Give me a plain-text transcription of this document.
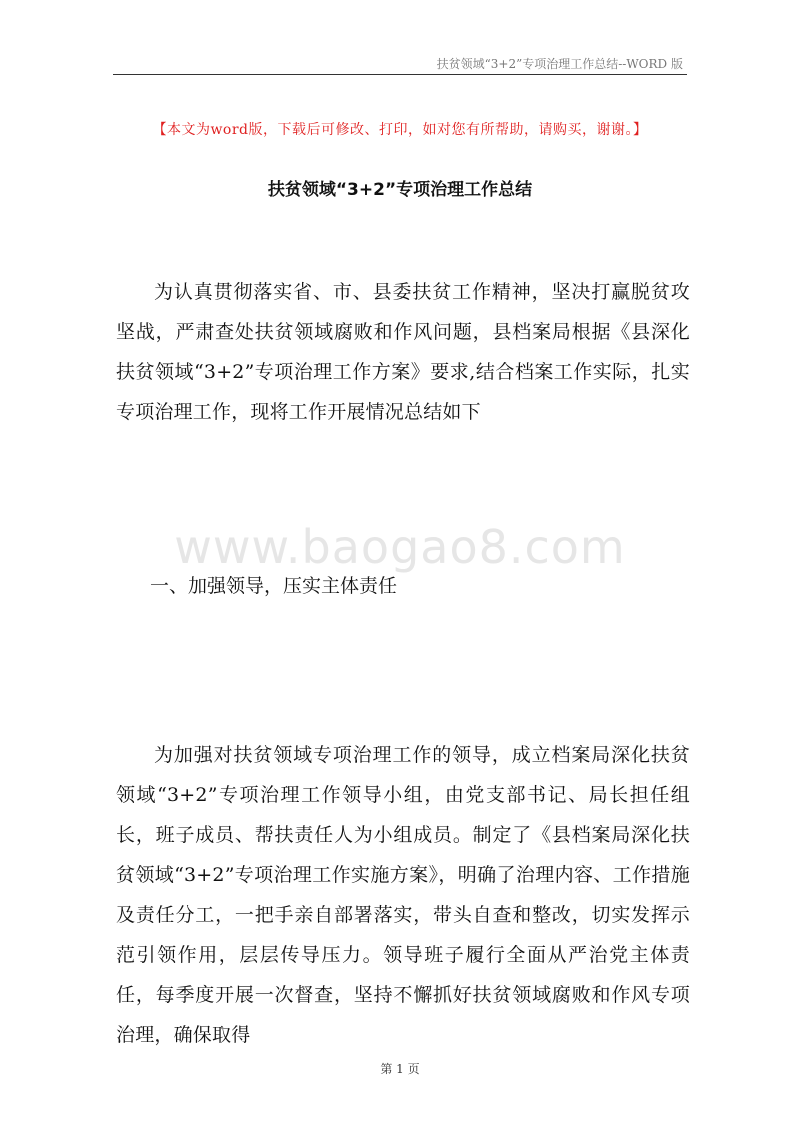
扶贫领域“3+2”专项治理工作总结--WORD 版
【本文为word版，下载后可修改、打印，如对您有所帮助，请购买，谢谢。】
扶贫领域“3+2”专项治理工作总结
为认真贯彻落实省、市、县委扶贫工作精神，坚决打赢脱贫攻坚战，严肃查处扶贫领域腐败和作风问题，县档案局根据《县深化扶贫领域“3+2”专项治理工作方案》要求,结合档案工作实际，扎实专项治理工作，现将工作开展情况总结如下
www.baogao8.com
一、加强领导，压实主体责任
为加强对扶贫领域专项治理工作的领导，成立档案局深化扶贫领域“3+2”专项治理工作领导小组，由党支部书记、局长担任组长，班子成员、帮扶责任人为小组成员。制定了《县档案局深化扶贫领域“3+2”专项治理工作实施方案》，明确了治理内容、工作措施及责任分工，一把手亲自部署落实，带头自查和整改，切实发挥示范引领作用，层层传导压力。领导班子履行全面从严治党主体责任，每季度开展一次督查，坚持不懈抓好扶贫领域腐败和作风专项治理，确保取得
第 1 页
